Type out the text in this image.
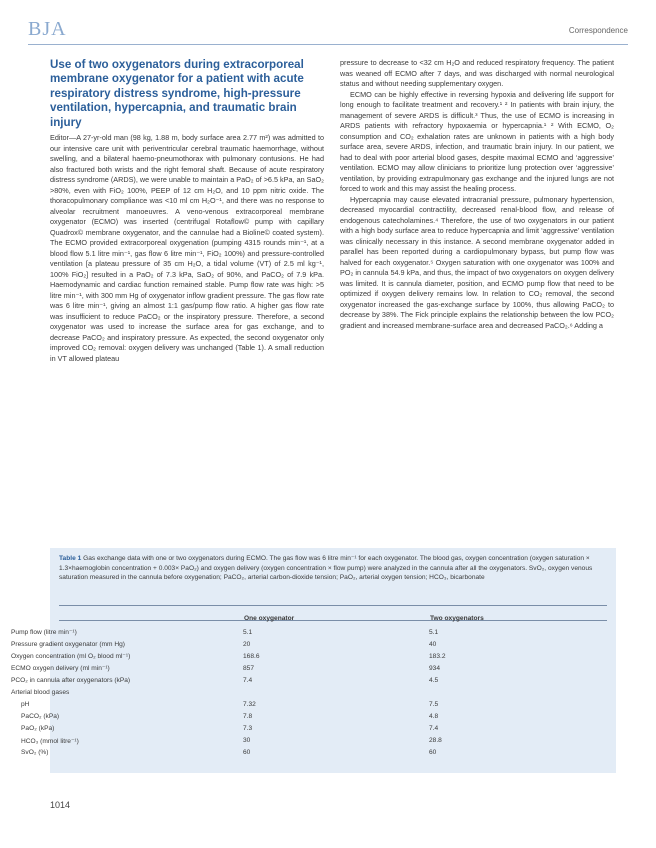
BJA	Correspondence
Use of two oxygenators during extracorporeal membrane oxygenator for a patient with acute respiratory distress syndrome, high-pressure ventilation, hypercapnia, and traumatic brain injury

Editor—A 27-yr-old man (98 kg, 1.88 m, body surface area 2.77 m²) was admitted to our intensive care unit with periventricular cerebral traumatic haemorrhage, without swelling, and a bilateral haemo-pneumothorax with pulmonary contusions. He had also fractured both wrists and the right femoral shaft. Because of acute respiratory distress syndrome (ARDS), we were unable to maintain a PaO₂ of >6.5 kPa, an SaO₂ >80%, even with FiO₂ 100%, PEEP of 12 cm H₂O, and 10 ppm nitric oxide. The thoracopulmonary compliance was <10 ml cm H₂O⁻¹, and there was no response to alveolar recruitment manoeuvres. A veno-venous extracorporeal membrane oxygenator (ECMO) was inserted (centrifugal Rotaflow© pump with capillary Quadrox© membrane oxygenator, and the cannulae had a Bioline© coated system). The ECMO provided extracorporeal oxygenation (pumping 4315 rounds min⁻¹, at a blood flow 5.1 litre min⁻¹, gas flow 6 litre min⁻¹, FiO₂ 100%) and pressure-controlled ventilation [a plateau pressure of 35 cm H₂O, a tidal volume (VT) of 2.5 ml kg⁻¹, 100% FiO₂] resulted in a PaO₂ of 7.3 kPa, SaO₂ of 90%, and PaCO₂ of 7.9 kPa. Haemodynamic and cardiac function remained stable. Pump flow rate was high: >5 litre min⁻¹, with 300 mm Hg of oxygenator inflow gradient pressure. The gas flow rate was 6 litre min⁻¹, giving an almost 1:1 gas/pump flow ratio. A higher gas flow rate was insufficient to reduce PaCO₂ or the inspiratory pressure. Therefore, a second oxygenator was used to increase the surface area for gas exchange, and to decrease PaCO₂ and inspiratory pressure. As expected, the second oxygenator only improved CO₂ removal: oxygen delivery was unchanged (Table 1). A small reduction in VT allowed plateau

pressure to decrease to <32 cm H₂O and reduced respiratory frequency. The patient was weaned off ECMO after 7 days, and was discharged with normal neurological status and without needing supplementary oxygen.

ECMO can be highly effective in reversing hypoxia and delivering life support for long enough to facilitate treatment and recovery.¹ ² In patients with brain injury, the management of severe ARDS is difficult.³ Thus, the use of ECMO is increasing in ARDS patients with refractory hypoxaemia or hypercapnia.¹ ² With ECMO, O₂ consumption and CO₂ exhalation rates are unknown in patients with a high body surface area, severe ARDS, infection, and traumatic brain injury. In our patient, we had to deal with poor arterial blood gases, despite maximal ECMO and ‘aggressive’ ventilation. ECMO may allow clinicians to prioritize lung protection over ‘aggressive’ ventilation, by providing extrapulmonary gas exchange and the injured lungs are not forced to work and this may assist the healing process.

Hypercapnia may cause elevated intracranial pressure, pulmonary hypertension, decreased myocardial contractility, decreased renal-blood flow, and release of endogenous catecholamines.⁴ Therefore, the use of two oxygenators in our patient with a high body surface area to reduce hypercapnia and limit ‘aggressive’ ventilation was clinically necessary in this instance. A second membrane oxygenator added in parallel has been reported during a cardiopulmonary bypass, but pump flow was halved for each oxygenator.⁵ Oxygen saturation with one oxygenator was 100% and PO₂ in cannula 54.9 kPa, and thus, the impact of two oxygenators on oxygen delivery was limited. It is cannula diameter, position, and ECMO pump flow that need to be optimized if oxygen delivery remains low. In relation to CO₂ removal, the second oxygenator increased the gas-exchange surface by 100%, thus allowing PaCO₂ to decrease by 38%. The Fick principle explains the relationship between the low PCO₂ gradient and increased membrane-surface area and decreased PaCO₂.⁶ Adding a

Table 1 Gas exchange data with one or two oxygenators during ECMO. The gas flow was 6 litre min⁻¹ for each oxygenator. The blood gas, oxygen concentration (oxygen saturation × 1.3×haemoglobin concentration + 0.003× PaO₂) and oxygen delivery (oxygen concentration × flow pump) were analyzed in the cannula after all the oxygenators. SvO₂, oxygen venous saturation measured in the cannula before oxygenation; PaCO₂, arterial carbon-dioxide tension; PaO₂, arterial oxygen tension; HCO₃, bicarbonate
	One oxygenator	Two oxygenators
Pump flow (litre min⁻¹)	5.1	5.1
Pressure gradient oxygenator (mm Hg)	20	40
Oxygen concentration (ml O₂ blood ml⁻¹)	168.6	183.2
ECMO oxygen delivery (ml min⁻¹)	857	934
PCO₂ in cannula after oxygenators (kPa)	7.4	4.5
Arterial blood gases		
pH	7.32	7.5
PaCO₂ (kPa)	7.8	4.8
PaO₂ (kPa)	7.3	7.4
HCO₃ (mmol litre⁻¹)	30	28.8
SvO₂ (%)	60	60
1014
